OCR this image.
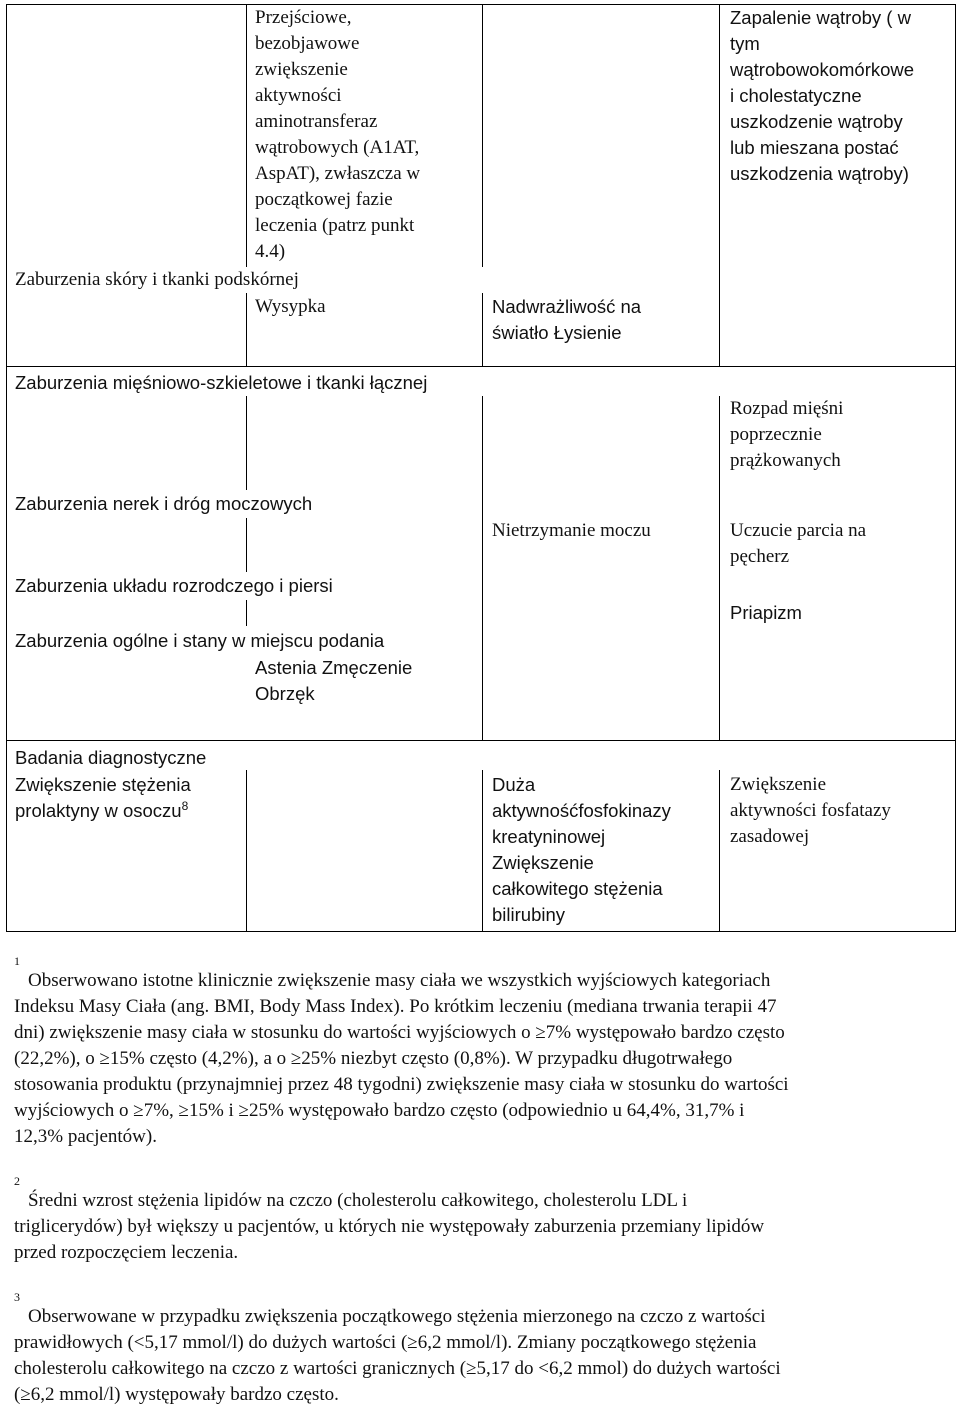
Przejściowe,
bezobjawowe
zwiększenie
aktywności
aminotransferaz
wątrobowych (A1AT,
AspAT), zwłaszcza w
początkowej fazie
leczenia (patrz punkt
4.4)
Zapalenie wątroby ( w
tym
wątrobowokomórkowe
i cholestatyczne
uszkodzenie wątroby
lub mieszana postać
uszkodzenia wątroby)
Zaburzenia skóry i tkanki podskórnej
Wysypka	Nadwrażliwość na
światło Łysienie
Zaburzenia mięśniowo-szkieletowe i tkanki łącznej
Rozpad mięśni
poprzecznie
prążkowanych
Zaburzenia nerek i dróg moczowych
Nietrzymanie moczu	Uczucie parcia na
pęcherz
Zaburzenia układu rozrodczego i piersi
Priapizm
Zaburzenia ogólne i stany w miejscu podania
Astenia Zmęczenie
Obrzęk
Badania diagnostyczne
Zwiększenie stężenia
prolaktyny w osoczu$^8$
Duża
aktywnośćfosfokinazy
kreatyninowej
Zwiększenie
całkowitego stężenia
bilirubiny
Zwiększenie
aktywności fosfatazy
zasadowej
1
Obserwowano istotne klinicznie zwiększenie masy ciała we wszystkich wyjściowych kategoriach
Indeksu Masy Ciała (ang. BMI, Body Mass Index). Po krótkim leczeniu (mediana trwania terapii 47
dni) zwiększenie masy ciała w stosunku do wartości wyjściowych o ≥7% występowało bardzo często
(22,2%), o ≥15% często (4,2%), a o ≥25% niezbyt często (0,8%). W przypadku długotrwałego
stosowania produktu (przynajmniej przez 48 tygodni) zwiększenie masy ciała w stosunku do wartości
wyjściowych o ≥7%, ≥15% i ≥25% występowało bardzo często (odpowiednio u 64,4%, 31,7% i
12,3% pacjentów).
2
Średni wzrost stężenia lipidów na czczo (cholesterolu całkowitego, cholesterolu LDL i
triglicerydów) był większy u pacjentów, u których nie występowały zaburzenia przemiany lipidów
przed rozpoczęciem leczenia.
3
Obserwowane w przypadku zwiększenia początkowego stężenia mierzonego na czczo z wartości
prawidłowych (<5,17 mmol/l) do dużych wartości (≥6,2 mmol/l). Zmiany początkowego stężenia
cholesterolu całkowitego na czczo z wartości granicznych (≥5,17 do <6,2 mmol) do dużych wartości
(≥6,2 mmol/l) występowały bardzo często.
